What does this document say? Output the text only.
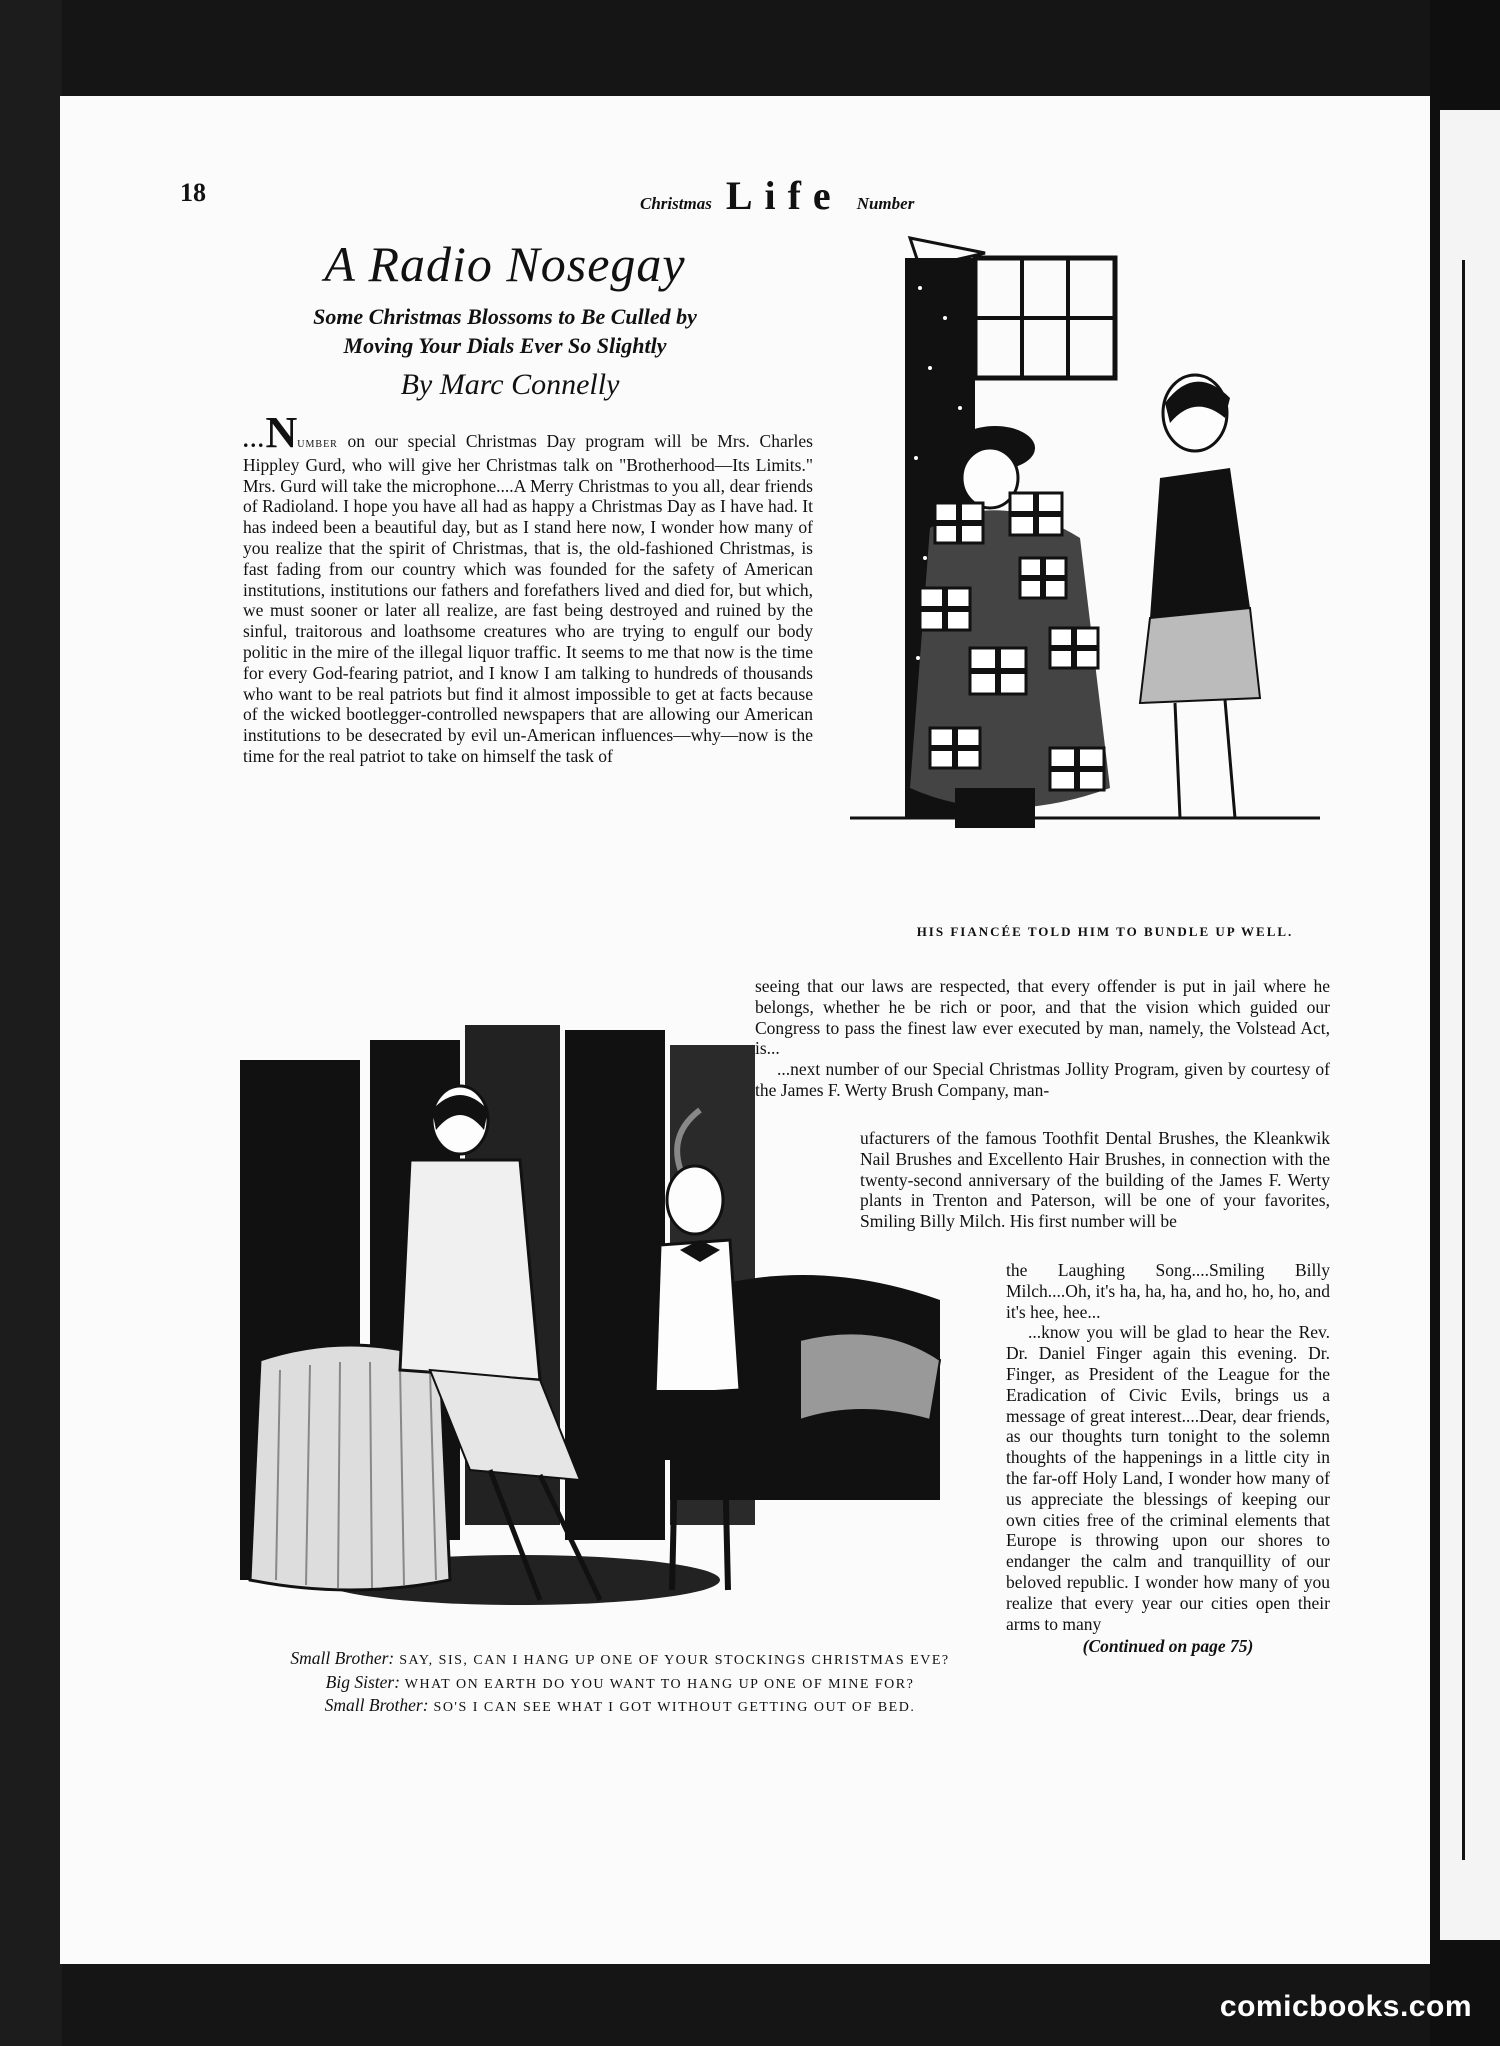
18	Christmas Life Number
A Radio Nosegay
Some Christmas Blossoms to Be Culled by
Moving Your Dials Ever So Slightly
By Marc Connelly
...Number on our special Christmas Day program will be Mrs. Charles Hippley Gurd, who will give her Christmas talk on "Brotherhood—Its Limits." Mrs. Gurd will take the microphone....A Merry Christmas to you all, dear friends of Radioland. I hope you have all had as happy a Christmas Day as I have had. It has indeed been a beautiful day, but as I stand here now, I wonder how many of you realize that the spirit of Christmas, that is, the old-fashioned Christmas, is fast fading from our country which was founded for the safety of American institutions, institutions our fathers and forefathers lived and died for, but which, we must sooner or later all realize, are fast being destroyed and ruined by the sinful, traitorous and loathsome creatures who are trying to engulf our body politic in the mire of the illegal liquor traffic. It seems to me that now is the time for every God-fearing patriot, and I know I am talking to hundreds of thousands who want to be real patriots but find it almost impossible to get at facts because of the wicked bootlegger-controlled newspapers that are allowing our American institutions to be desecrated by evil un-American influences—why—now is the time for the real patriot to take on himself the task of
HIS FIANCÉE TOLD HIM TO BUNDLE UP WELL.
seeing that our laws are respected, that every offender is put in jail where he belongs, whether he be rich or poor, and that the vision which guided our Congress to pass the finest law ever executed by man, namely, the Volstead Act, is...
...next number of our Special Christmas Jollity Program, given by courtesy of the James F. Werty Brush Company, man-
ufacturers of the famous Toothfit Dental Brushes, the Kleankwik Nail Brushes and Excellento Hair Brushes, in connection with the twenty-second anniversary of the building of the James F. Werty plants in Trenton and Paterson, will be one of your favorites, Smiling Billy Milch. His first number will be
the Laughing Song....Smiling Billy Milch....Oh, it's ha, ha, ha, and ho, ho, ho, and it's hee, hee...
...know you will be glad to hear the Rev. Dr. Daniel Finger again this evening. Dr. Finger, as President of the League for the Eradication of Civic Evils, brings us a message of great interest....Dear, dear friends, as our thoughts turn tonight to the solemn thoughts of the happenings in a little city in the far-off Holy Land, I wonder how many of us appreciate the blessings of keeping our own cities free of the criminal elements that Europe is throwing upon our shores to endanger the calm and tranquillity of our beloved republic. I wonder how many of you realize that every year our cities open their arms to many
(Continued on page 75)
Small Brother: SAY, SIS, CAN I HANG UP ONE OF YOUR STOCKINGS CHRISTMAS EVE?
Big Sister: WHAT ON EARTH DO YOU WANT TO HANG UP ONE OF MINE FOR?
Small Brother: SO'S I CAN SEE WHAT I GOT WITHOUT GETTING OUT OF BED.
comicbooks.com
